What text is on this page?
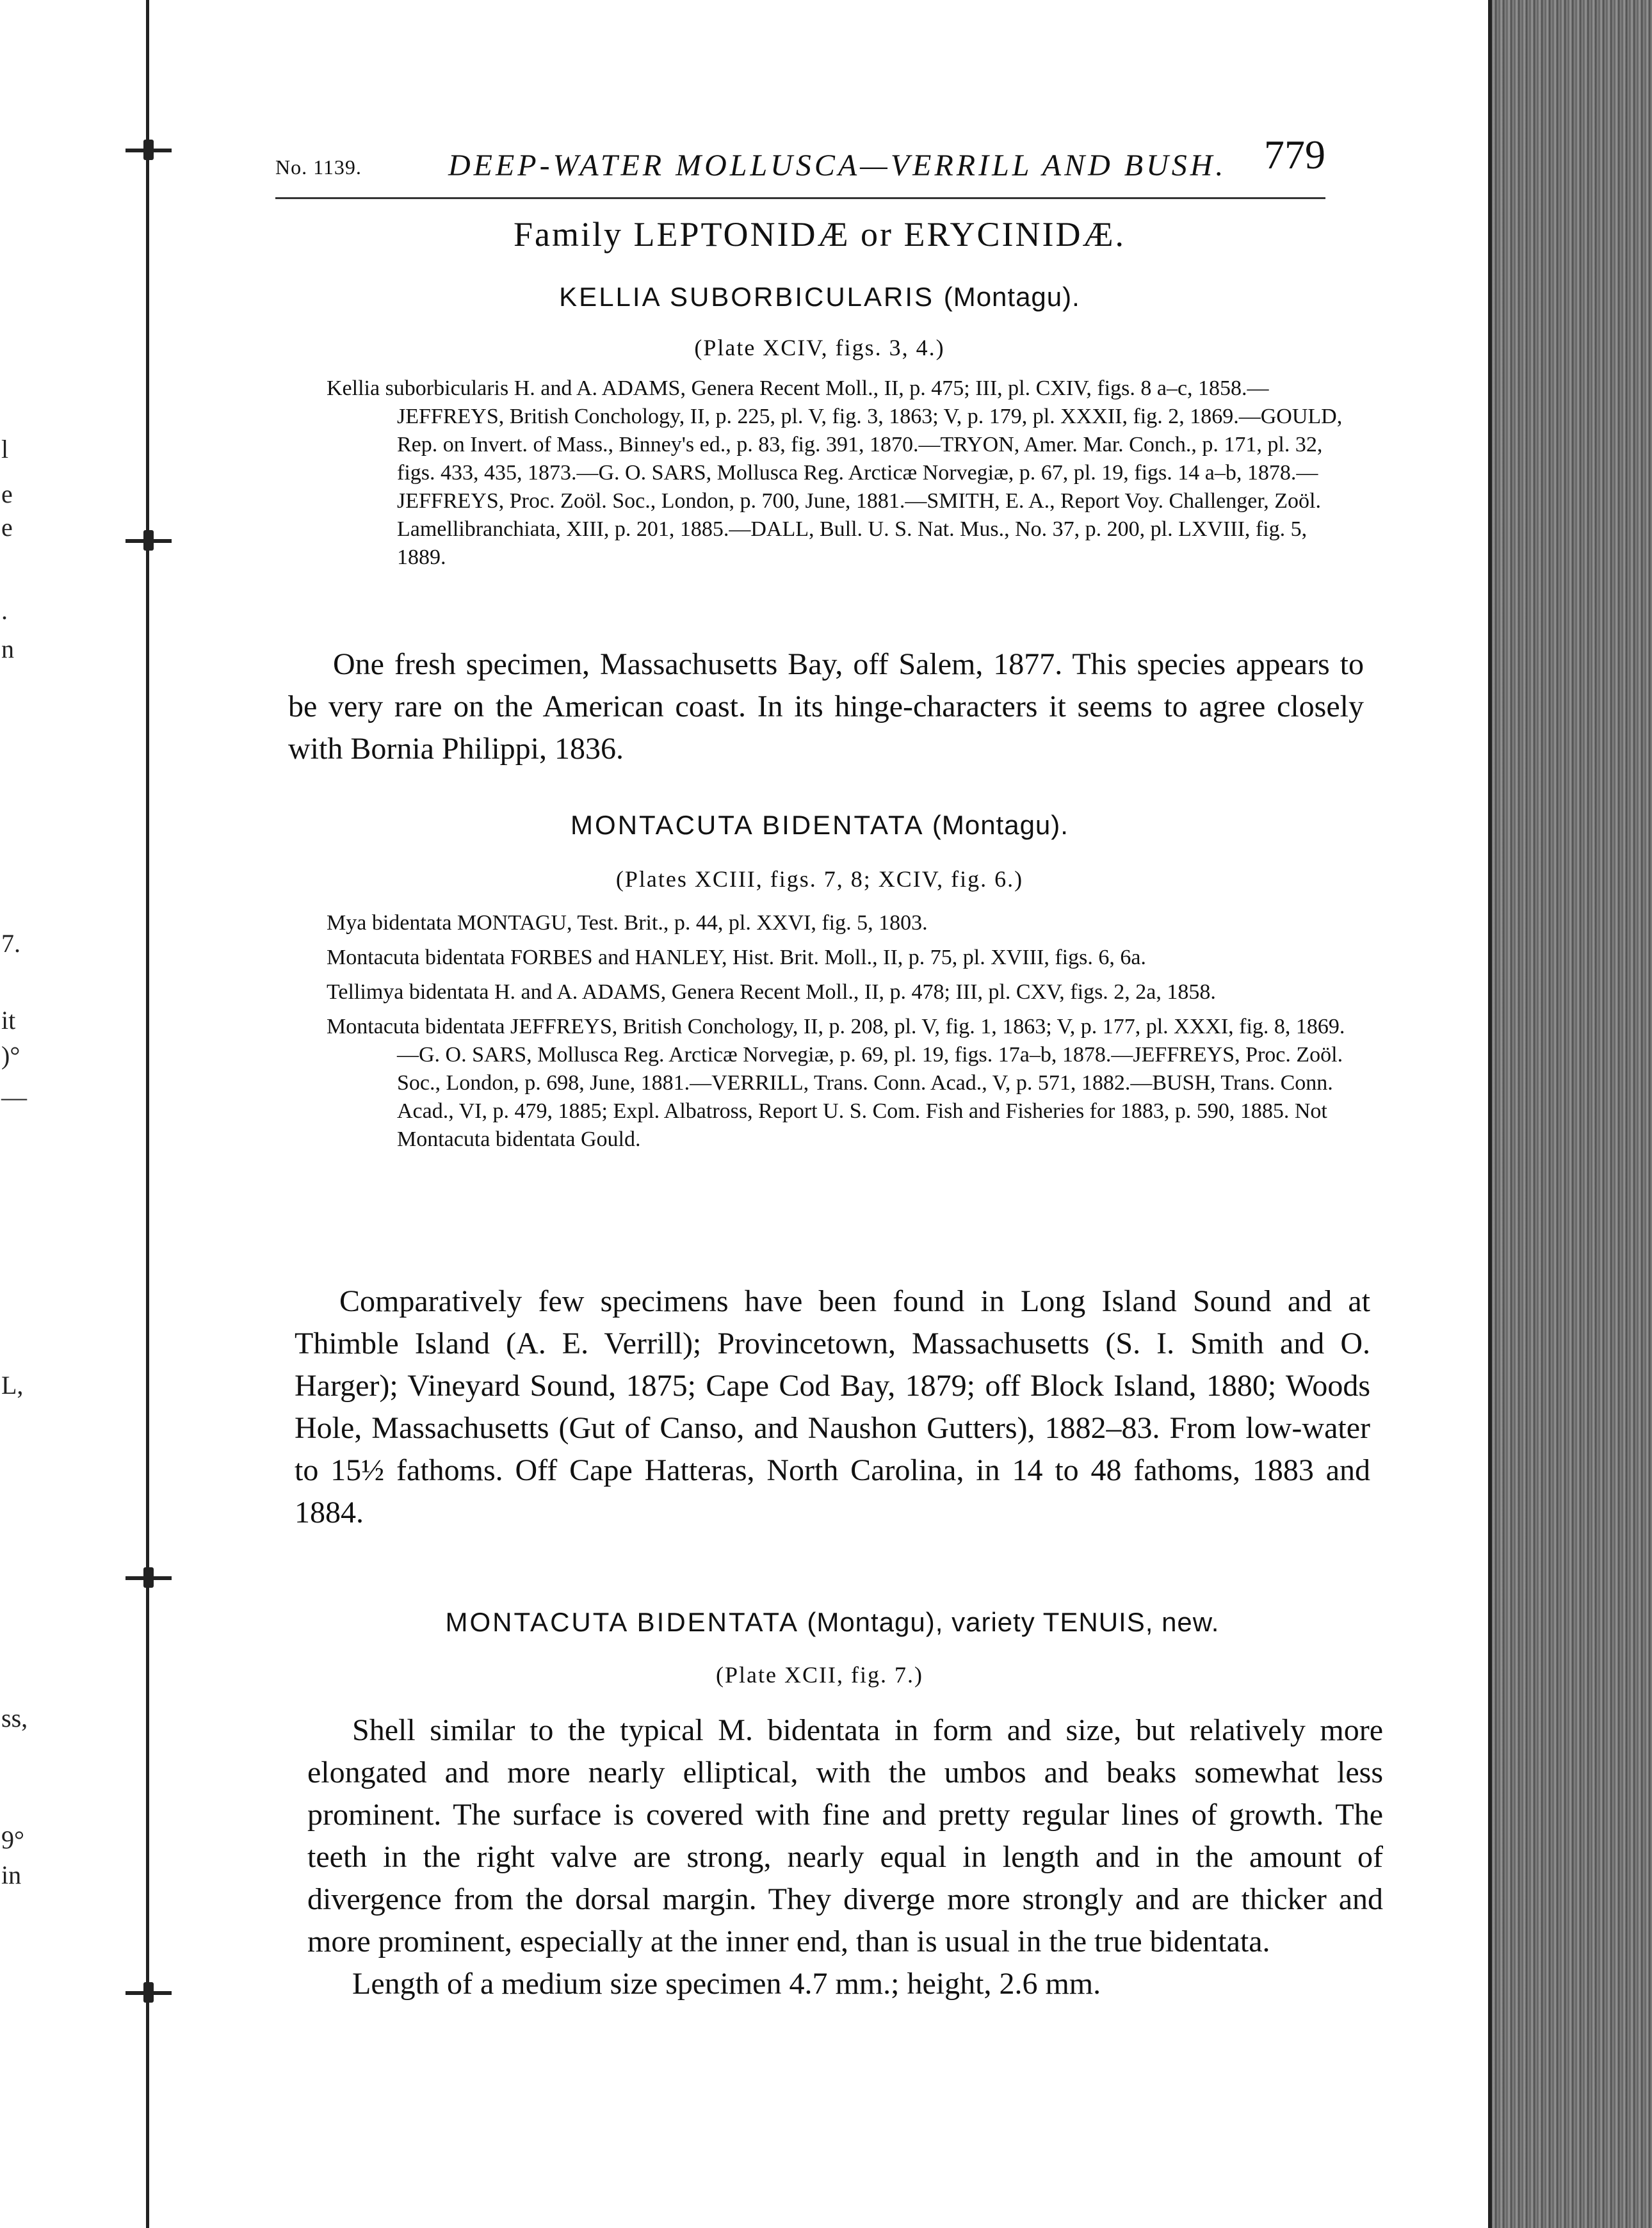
l
e
e
.
n
7.
it
)°
—
L,
ss,
9°
in
No. 1139.	DEEP-WATER MOLLUSCA—VERRILL AND BUSH. 779
Family LEPTONIDÆ or ERYCINIDÆ.
KELLIA SUBORBICULARIS (Montagu).
(Plate XCIV, figs. 3, 4.)

Kellia suborbicularis H. and A. ADAMS, Genera Recent Moll., II, p. 475; III, pl. CXIV, figs. 8 a–c, 1858.—JEFFREYS, British Conchology, II, p. 225, pl. V, fig. 3, 1863; V, p. 179, pl. XXXII, fig. 2, 1869.—GOULD, Rep. on Invert. of Mass., Binney's ed., p. 83, fig. 391, 1870.—TRYON, Amer. Mar. Conch., p. 171, pl. 32, figs. 433, 435, 1873.—G. O. SARS, Mollusca Reg. Arcticæ Norvegiæ, p. 67, pl. 19, figs. 14 a–b, 1878.—JEFFREYS, Proc. Zoöl. Soc., London, p. 700, June, 1881.—SMITH, E. A., Report Voy. Challenger, Zoöl. Lamellibranchiata, XIII, p. 201, 1885.—DALL, Bull. U. S. Nat. Mus., No. 37, p. 200, pl. LXVIII, fig. 5, 1889.

One fresh specimen, Massachusetts Bay, off Salem, 1877. This species appears to be very rare on the American coast. In its hinge-characters it seems to agree closely with Bornia Philippi, 1836.

MONTACUTA BIDENTATA (Montagu).
(Plates XCIII, figs. 7, 8; XCIV, fig. 6.)

Mya bidentata MONTAGU, Test. Brit., p. 44, pl. XXVI, fig. 5, 1803.

Montacuta bidentata FORBES and HANLEY, Hist. Brit. Moll., II, p. 75, pl. XVIII, figs. 6, 6a.

Tellimya bidentata H. and A. ADAMS, Genera Recent Moll., II, p. 478; III, pl. CXV, figs. 2, 2a, 1858.

Montacuta bidentata JEFFREYS, British Conchology, II, p. 208, pl. V, fig. 1, 1863; V, p. 177, pl. XXXI, fig. 8, 1869.—G. O. SARS, Mollusca Reg. Arcticæ Norvegiæ, p. 69, pl. 19, figs. 17a–b, 1878.—JEFFREYS, Proc. Zoöl. Soc., London, p. 698, June, 1881.—VERRILL, Trans. Conn. Acad., V, p. 571, 1882.—BUSH, Trans. Conn. Acad., VI, p. 479, 1885; Expl. Albatross, Report U. S. Com. Fish and Fisheries for 1883, p. 590, 1885. Not Montacuta bidentata Gould.

Comparatively few specimens have been found in Long Island Sound and at Thimble Island (A. E. Verrill); Provincetown, Massachusetts (S. I. Smith and O. Harger); Vineyard Sound, 1875; Cape Cod Bay, 1879; off Block Island, 1880; Woods Hole, Massachusetts (Gut of Canso, and Naushon Gutters), 1882–83. From low-water to 15½ fathoms. Off Cape Hatteras, North Carolina, in 14 to 48 fathoms, 1883 and 1884.

MONTACUTA BIDENTATA (Montagu), variety TENUIS, new.
(Plate XCII, fig. 7.)

Shell similar to the typical M. bidentata in form and size, but relatively more elongated and more nearly elliptical, with the umbos and beaks somewhat less prominent. The surface is covered with fine and pretty regular lines of growth. The teeth in the right valve are strong, nearly equal in length and in the amount of divergence from the dorsal margin. They diverge more strongly and are thicker and more prominent, especially at the inner end, than is usual in the true bidentata.

Length of a medium size specimen 4.7 mm.; height, 2.6 mm.
